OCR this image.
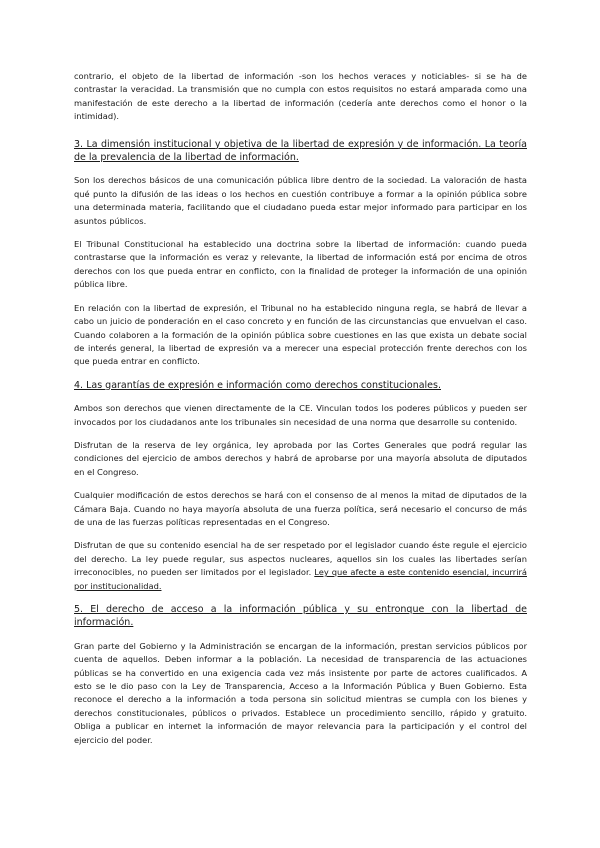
contrario, el objeto de la libertad de información -son los hechos veraces y noticiables- si se ha de contrastar la veracidad. La transmisión que no cumpla con estos requisitos no estará amparada como una manifestación de este derecho a la libertad de información (cedería ante derechos como el honor o la intimidad).

3. La dimensión institucional y objetiva de la libertad de expresión y de información. La teoría de la prevalencia de la libertad de información.

Son los derechos básicos de una comunicación pública libre dentro de la sociedad. La valoración de hasta qué punto la difusión de las ideas o los hechos en cuestión contribuye a formar a la opinión pública sobre una determinada materia, facilitando que el ciudadano pueda estar mejor informado para participar en los asuntos públicos.

El Tribunal Constitucional ha establecido una doctrina sobre la libertad de información: cuando pueda contrastarse que la información es veraz y relevante, la libertad de información está por encima de otros derechos con los que pueda entrar en conflicto, con la finalidad de proteger la información de una opinión pública libre.

En relación con la libertad de expresión, el Tribunal no ha establecido ninguna regla, se habrá de llevar a cabo un juicio de ponderación en el caso concreto y en función de las circunstancias que envuelvan el caso. Cuando colaboren a la formación de la opinión pública sobre cuestiones en las que exista un debate social de interés general, la libertad de expresión va a merecer una especial protección frente derechos con los que pueda entrar en conflicto.

4. Las garantías de expresión e información como derechos constitucionales.

Ambos son derechos que vienen directamente de la CE. Vinculan todos los poderes públicos y pueden ser invocados por los ciudadanos ante los tribunales sin necesidad de una norma que desarrolle su contenido.

Disfrutan de la reserva de ley orgánica, ley aprobada por las Cortes Generales que podrá regular las condiciones del ejercicio de ambos derechos y habrá de aprobarse por una mayoría absoluta de diputados en el Congreso.

Cualquier modificación de estos derechos se hará con el consenso de al menos la mitad de diputados de la Cámara Baja. Cuando no haya mayoría absoluta de una fuerza política, será necesario el concurso de más de una de las fuerzas políticas representadas en el Congreso.

Disfrutan de que su contenido esencial ha de ser respetado por el legislador cuando éste regule el ejercicio del derecho. La ley puede regular, sus aspectos nucleares, aquellos sin los cuales las libertades serían irreconocibles, no pueden ser limitados por el legislador. Ley que afecte a este contenido esencial, incurrirá por institucionalidad.

5. El derecho de acceso a la información pública y su entronque con la libertad de información.

Gran parte del Gobierno y la Administración se encargan de la información, prestan servicios públicos por cuenta de aquellos. Deben informar a la población. La necesidad de transparencia de las actuaciones públicas se ha convertido en una exigencia cada vez más insistente por parte de actores cualificados. A esto se le dio paso con la Ley de Transparencia, Acceso a la Información Pública y Buen Gobierno. Esta reconoce el derecho a la información a toda persona sin solicitud mientras se cumpla con los bienes y derechos constitucionales, públicos o privados. Establece un procedimiento sencillo, rápido y gratuito. Obliga a publicar en internet la información de mayor relevancia para la participación y el control del ejercicio del poder.
